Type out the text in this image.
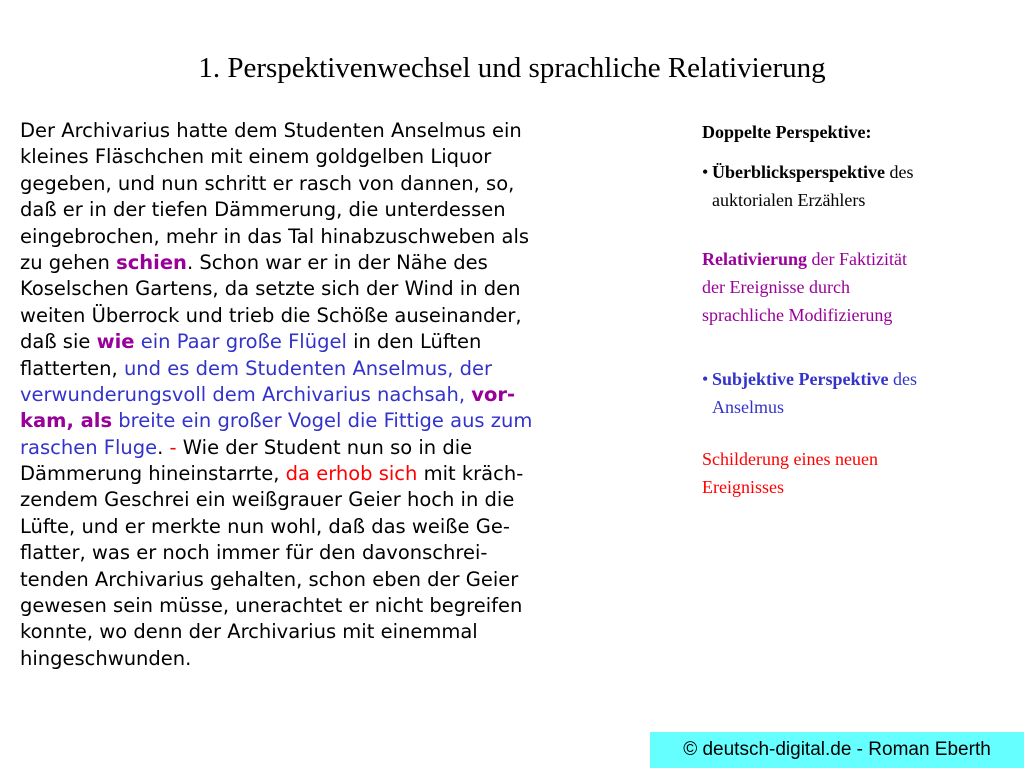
1. Perspektivenwechsel und sprachliche Relativierung
Der Archivarius hatte dem Studenten Anselmus ein
kleines Fläschchen mit einem goldgelben Liquor
gegeben, und nun schritt er rasch von dannen, so,
daß er in der tiefen Dämmerung, die unterdessen
eingebrochen, mehr in das Tal hinabzuschweben als
zu gehen schien. Schon war er in der Nähe des
Koselschen Gartens, da setzte sich der Wind in den
weiten Überrock und trieb die Schöße auseinander,
daß sie wie ein Paar große Flügel in den Lüften
flatterten, und es dem Studenten Anselmus, der
verwunderungsvoll dem Archivarius nachsah, vor-
kam, als breite ein großer Vogel die Fittige aus zum
raschen Fluge. - Wie der Student nun so in die
Dämmerung hineinstarrte, da erhob sich mit kräch-
zendem Geschrei ein weißgrauer Geier hoch in die
Lüfte, und er merkte nun wohl, daß das weiße Ge-
flatter, was er noch immer für den davonschrei-
tenden Archivarius gehalten, schon eben der Geier
gewesen sein müsse, unerachtet er nicht begreifen
konnte, wo denn der Archivarius mit einemmal
hingeschwunden.
Doppelte Perspektive:
• Überblicksperspektive des
auktorialen Erzählers
Relativierung der Faktizität
der Ereignisse durch
sprachliche Modifizierung
• Subjektive Perspektive des
Anselmus
Schilderung eines neuen
Ereignisses
© deutsch-digital.de - Roman Eberth
